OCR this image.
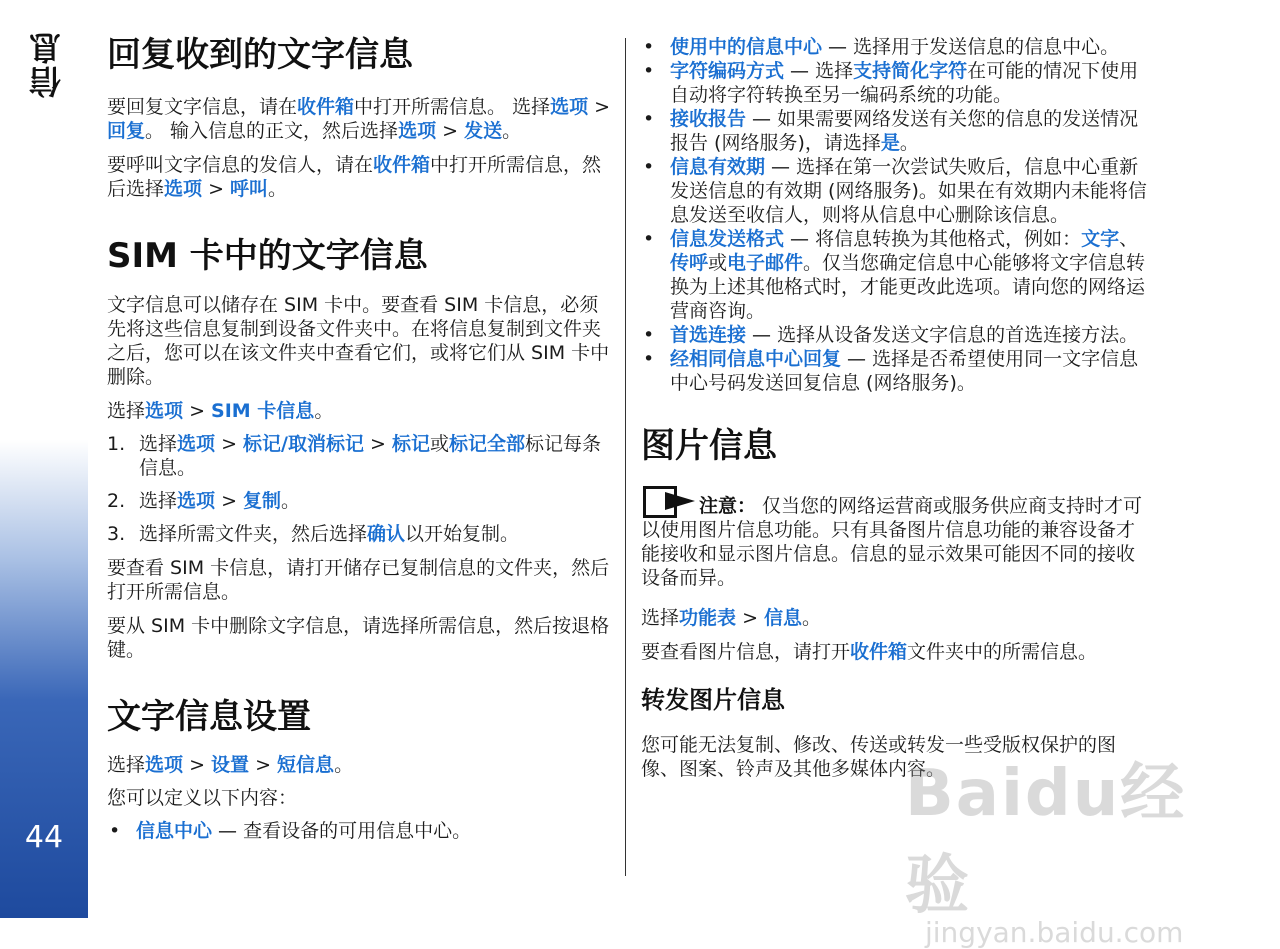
信息
44
回复收到的文字信息

要回复文字信息，请在收件箱中打开所需信息。 选择选项 > 回复。 输入信息的正文，然后选择选项 > 发送。

要呼叫文字信息的发信人，请在收件箱中打开所需信息，然后选择选项 > 呼叫。

SIM 卡中的文字信息

文字信息可以储存在 SIM 卡中。要查看 SIM 卡信息，必须先将这些信息复制到设备文件夹中。在将信息复制到文件夹之后，您可以在该文件夹中查看它们，或将它们从 SIM 卡中删除。

选择选项 > SIM 卡信息。

1. 选择选项 > 标记/取消标记 > 标记或标记全部标记每条信息。
2. 选择选项 > 复制。
3. 选择所需文件夹，然后选择确认以开始复制。

要查看 SIM 卡信息，请打开储存已复制信息的文件夹，然后打开所需信息。

要从 SIM 卡中删除文字信息，请选择所需信息，然后按退格键。

文字信息设置

选择选项 > 设置 > 短信息。

您可以定义以下内容：

• 信息中心 — 查看设备的可用信息中心。
• 使用中的信息中心 — 选择用于发送信息的信息中心。
• 字符编码方式 — 选择支持简化字符在可能的情况下使用自动将字符转换至另一编码系统的功能。
• 接收报告 — 如果需要网络发送有关您的信息的发送情况报告 (网络服务)，请选择是。
• 信息有效期 — 选择在第一次尝试失败后，信息中心重新发送信息的有效期 (网络服务)。如果在有效期内未能将信息发送至收信人，则将从信息中心删除该信息。
• 信息发送格式 — 将信息转换为其他格式，例如：文字、传呼或电子邮件。仅当您确定信息中心能够将文字信息转换为上述其他格式时，才能更改此选项。请向您的网络运营商咨询。
• 首选连接 — 选择从设备发送文字信息的首选连接方法。
• 经相同信息中心回复 — 选择是否希望使用同一文字信息中心号码发送回复信息 (网络服务)。
图片信息

注意： 仅当您的网络运营商或服务供应商支持时才可以使用图片信息功能。只有具备图片信息功能的兼容设备才能接收和显示图片信息。信息的显示效果可能因不同的接收设备而异。

选择功能表 > 信息。

要查看图片信息，请打开收件箱文件夹中的所需信息。

转发图片信息

您可能无法复制、修改、传送或转发一些受版权保护的图像、图案、铃声及其他多媒体内容。

Baidu经验
jingyan.baidu.com
